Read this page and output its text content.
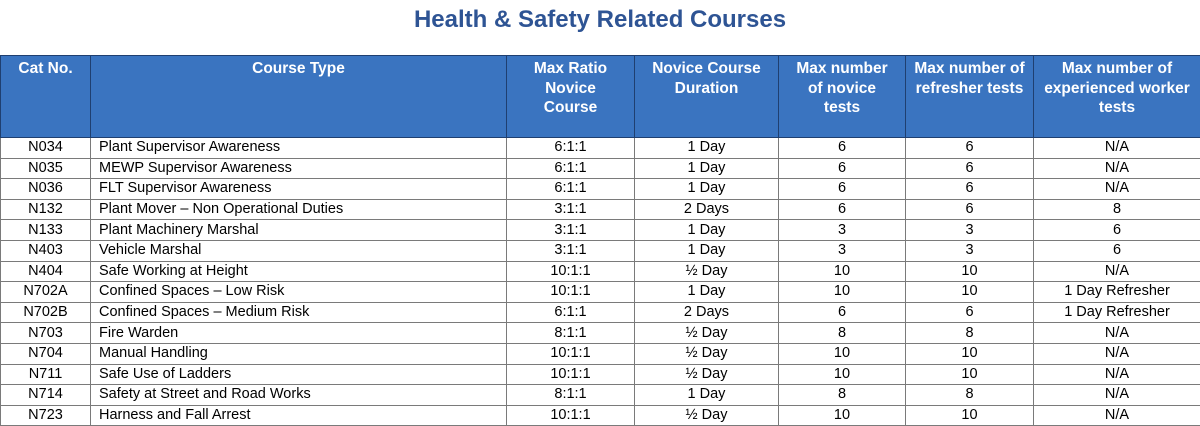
Health & Safety Related Courses
Cat No.	Course Type	Max Ratio Novice Course	Novice Course Duration	Max number of novice tests	Max number of refresher tests	Max number of experienced worker tests
N034	Plant Supervisor Awareness	6:1:1	1 Day	6	6	N/A
N035	MEWP Supervisor Awareness	6:1:1	1 Day	6	6	N/A
N036	FLT Supervisor Awareness	6:1:1	1 Day	6	6	N/A
N132	Plant Mover – Non Operational Duties	3:1:1	2 Days	6	6	8
N133	Plant Machinery Marshal	3:1:1	1 Day	3	3	6
N403	Vehicle Marshal	3:1:1	1 Day	3	3	6
N404	Safe Working at Height	10:1:1	½ Day	10	10	N/A
N702A	Confined Spaces – Low Risk	10:1:1	1 Day	10	10	1 Day Refresher
N702B	Confined Spaces – Medium Risk	6:1:1	2 Days	6	6	1 Day Refresher
N703	Fire Warden	8:1:1	½ Day	8	8	N/A
N704	Manual Handling	10:1:1	½ Day	10	10	N/A
N711	Safe Use of Ladders	10:1:1	½ Day	10	10	N/A
N714	Safety at Street and Road Works	8:1:1	1 Day	8	8	N/A
N723	Harness and Fall Arrest	10:1:1	½ Day	10	10	N/A
